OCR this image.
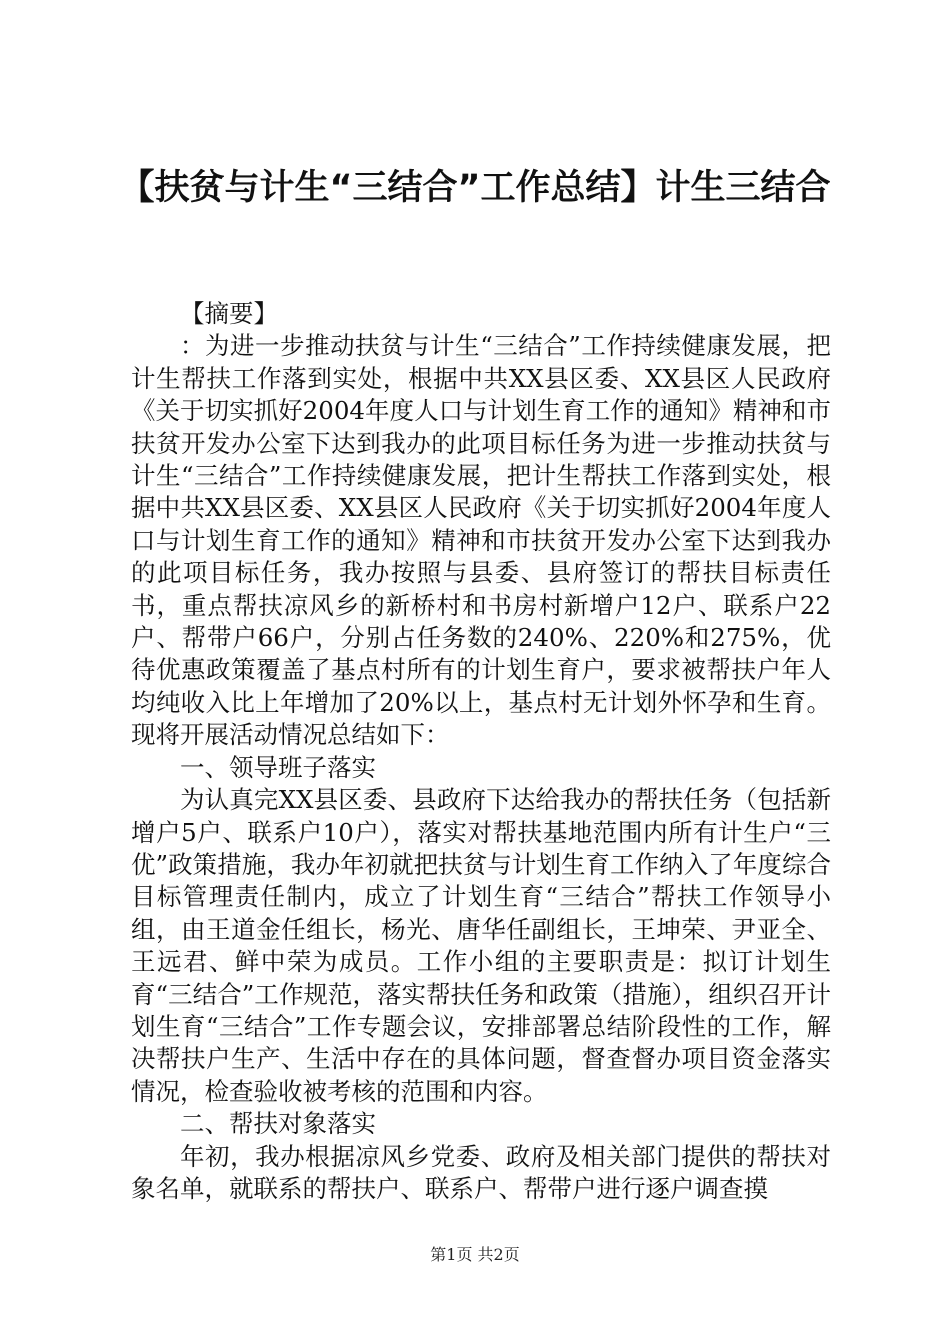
【扶贫与计生“三结合”工作总结】计生三结合

【摘要】

：为进一步推动扶贫与计生“三结合”工作持续健康发展，把计生帮扶工作落到实处，根据中共XX县区委、XX县区人民政府《关于切实抓好2004年度人口与计划生育工作的通知》精神和市扶贫开发办公室下达到我办的此项目标任务为进一步推动扶贫与计生“三结合”工作持续健康发展，把计生帮扶工作落到实处，根据中共XX县区委、XX县区人民政府《关于切实抓好2004年度人口与计划生育工作的通知》精神和市扶贫开发办公室下达到我办的此项目标任务，我办按照与县委、县府签订的帮扶目标责任书，重点帮扶凉风乡的新桥村和书房村新增户12户、联系户22户、帮带户66户，分别占任务数的240%、220%和275%，优待优惠政策覆盖了基点村所有的计划生育户，要求被帮扶户年人均纯收入比上年增加了20%以上，基点村无计划外怀孕和生育。现将开展活动情况总结如下：

一、领导班子落实

为认真完XX县区委、县政府下达给我办的帮扶任务（包括新增户5户、联系户10户），落实对帮扶基地范围内所有计生户“三优”政策措施，我办年初就把扶贫与计划生育工作纳入了年度综合目标管理责任制内，成立了计划生育“三结合”帮扶工作领导小组，由王道金任组长，杨光、唐华任副组长，王坤荣、尹亚全、王远君、鲜中荣为成员。工作小组的主要职责是：拟订计划生育“三结合”工作规范，落实帮扶任务和政策（措施），组织召开计划生育“三结合”工作专题会议，安排部署总结阶段性的工作，解决帮扶户生产、生活中存在的具体问题，督查督办项目资金落实情况，检查验收被考核的范围和内容。

二、帮扶对象落实

年初，我办根据凉风乡党委、政府及相关部门提供的帮扶对象名单，就联系的帮扶户、联系户、帮带户进行逐户调查摸

第1页 共2页
